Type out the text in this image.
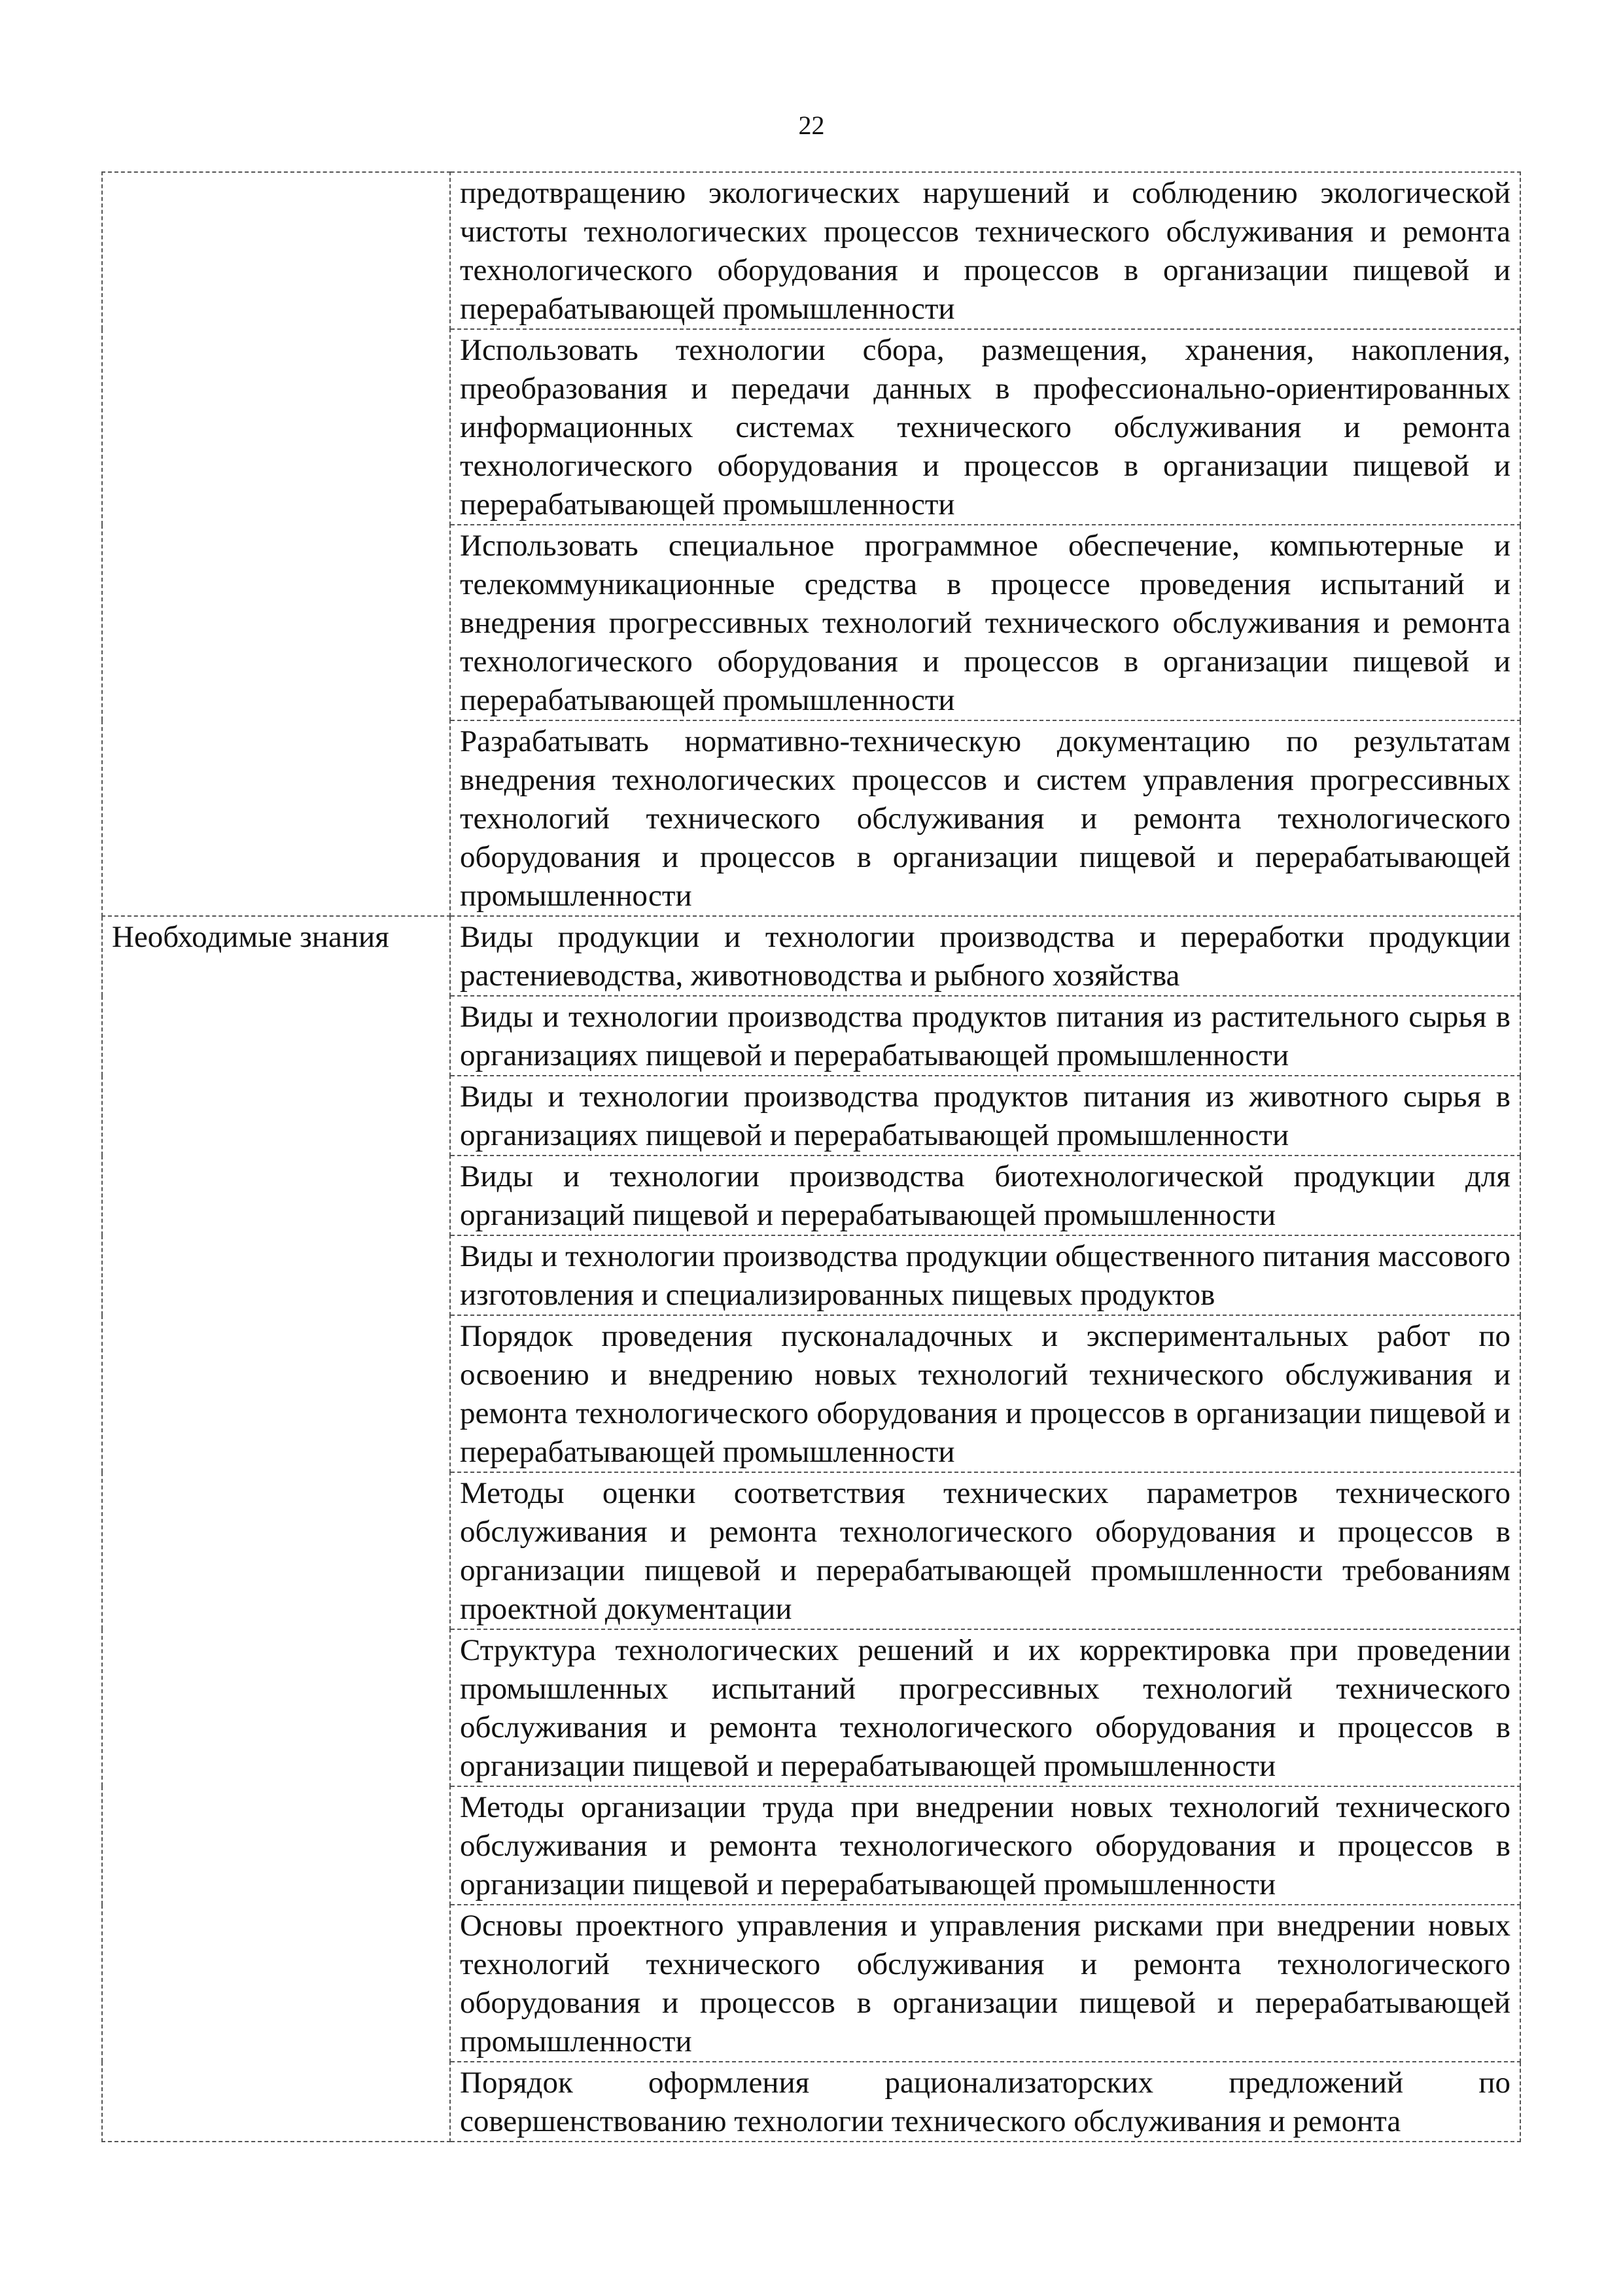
22
	предотвращению экологических нарушений и соблюдению экологической чистоты технологических процессов технического обслуживания и ремонта технологического оборудования и процессов в организации пищевой и перерабатывающей промышленности
	Использовать технологии сбора, размещения, хранения, накопления, преобразования и передачи данных в профессионально-ориентированных информационных системах технического обслуживания и ремонта технологического оборудования и процессов в организации пищевой и перерабатывающей промышленности
	Использовать специальное программное обеспечение, компьютерные и телекоммуникационные средства в процессе проведения испытаний и внедрения прогрессивных технологий технического обслуживания и ремонта технологического оборудования и процессов в организации пищевой и перерабатывающей промышленности
	Разрабатывать нормативно-техническую документацию по результатам внедрения технологических процессов и систем управления прогрессивных технологий технического обслуживания и ремонта технологического оборудования и процессов в организации пищевой и перерабатывающей промышленности
Необходимые знания	Виды продукции и технологии производства и переработки продукции растениеводства, животноводства и рыбного хозяйства
	Виды и технологии производства продуктов питания из растительного сырья в организациях пищевой и перерабатывающей промышленности
	Виды и технологии производства продуктов питания из животного сырья в организациях пищевой и перерабатывающей промышленности
	Виды и технологии производства биотехнологической продукции для организаций пищевой и перерабатывающей промышленности
	Виды и технологии производства продукции общественного питания массового изготовления и специализированных пищевых продуктов
	Порядок проведения пусконаладочных и экспериментальных работ по освоению и внедрению новых технологий технического обслуживания и ремонта технологического оборудования и процессов в организации пищевой и перерабатывающей промышленности
	Методы оценки соответствия технических параметров технического обслуживания и ремонта технологического оборудования и процессов в организации пищевой и перерабатывающей промышленности требованиям проектной документации
	Структура технологических решений и их корректировка при проведении промышленных испытаний прогрессивных технологий технического обслуживания и ремонта технологического оборудования и процессов в организации пищевой и перерабатывающей промышленности
	Методы организации труда при внедрении новых технологий технического обслуживания и ремонта технологического оборудования и процессов в организации пищевой и перерабатывающей промышленности
	Основы проектного управления и управления рисками при внедрении новых технологий технического обслуживания и ремонта технологического оборудования и процессов в организации пищевой и перерабатывающей промышленности
	Порядок оформления рационализаторских предложений по совершенствованию технологии технического обслуживания и ремонта
